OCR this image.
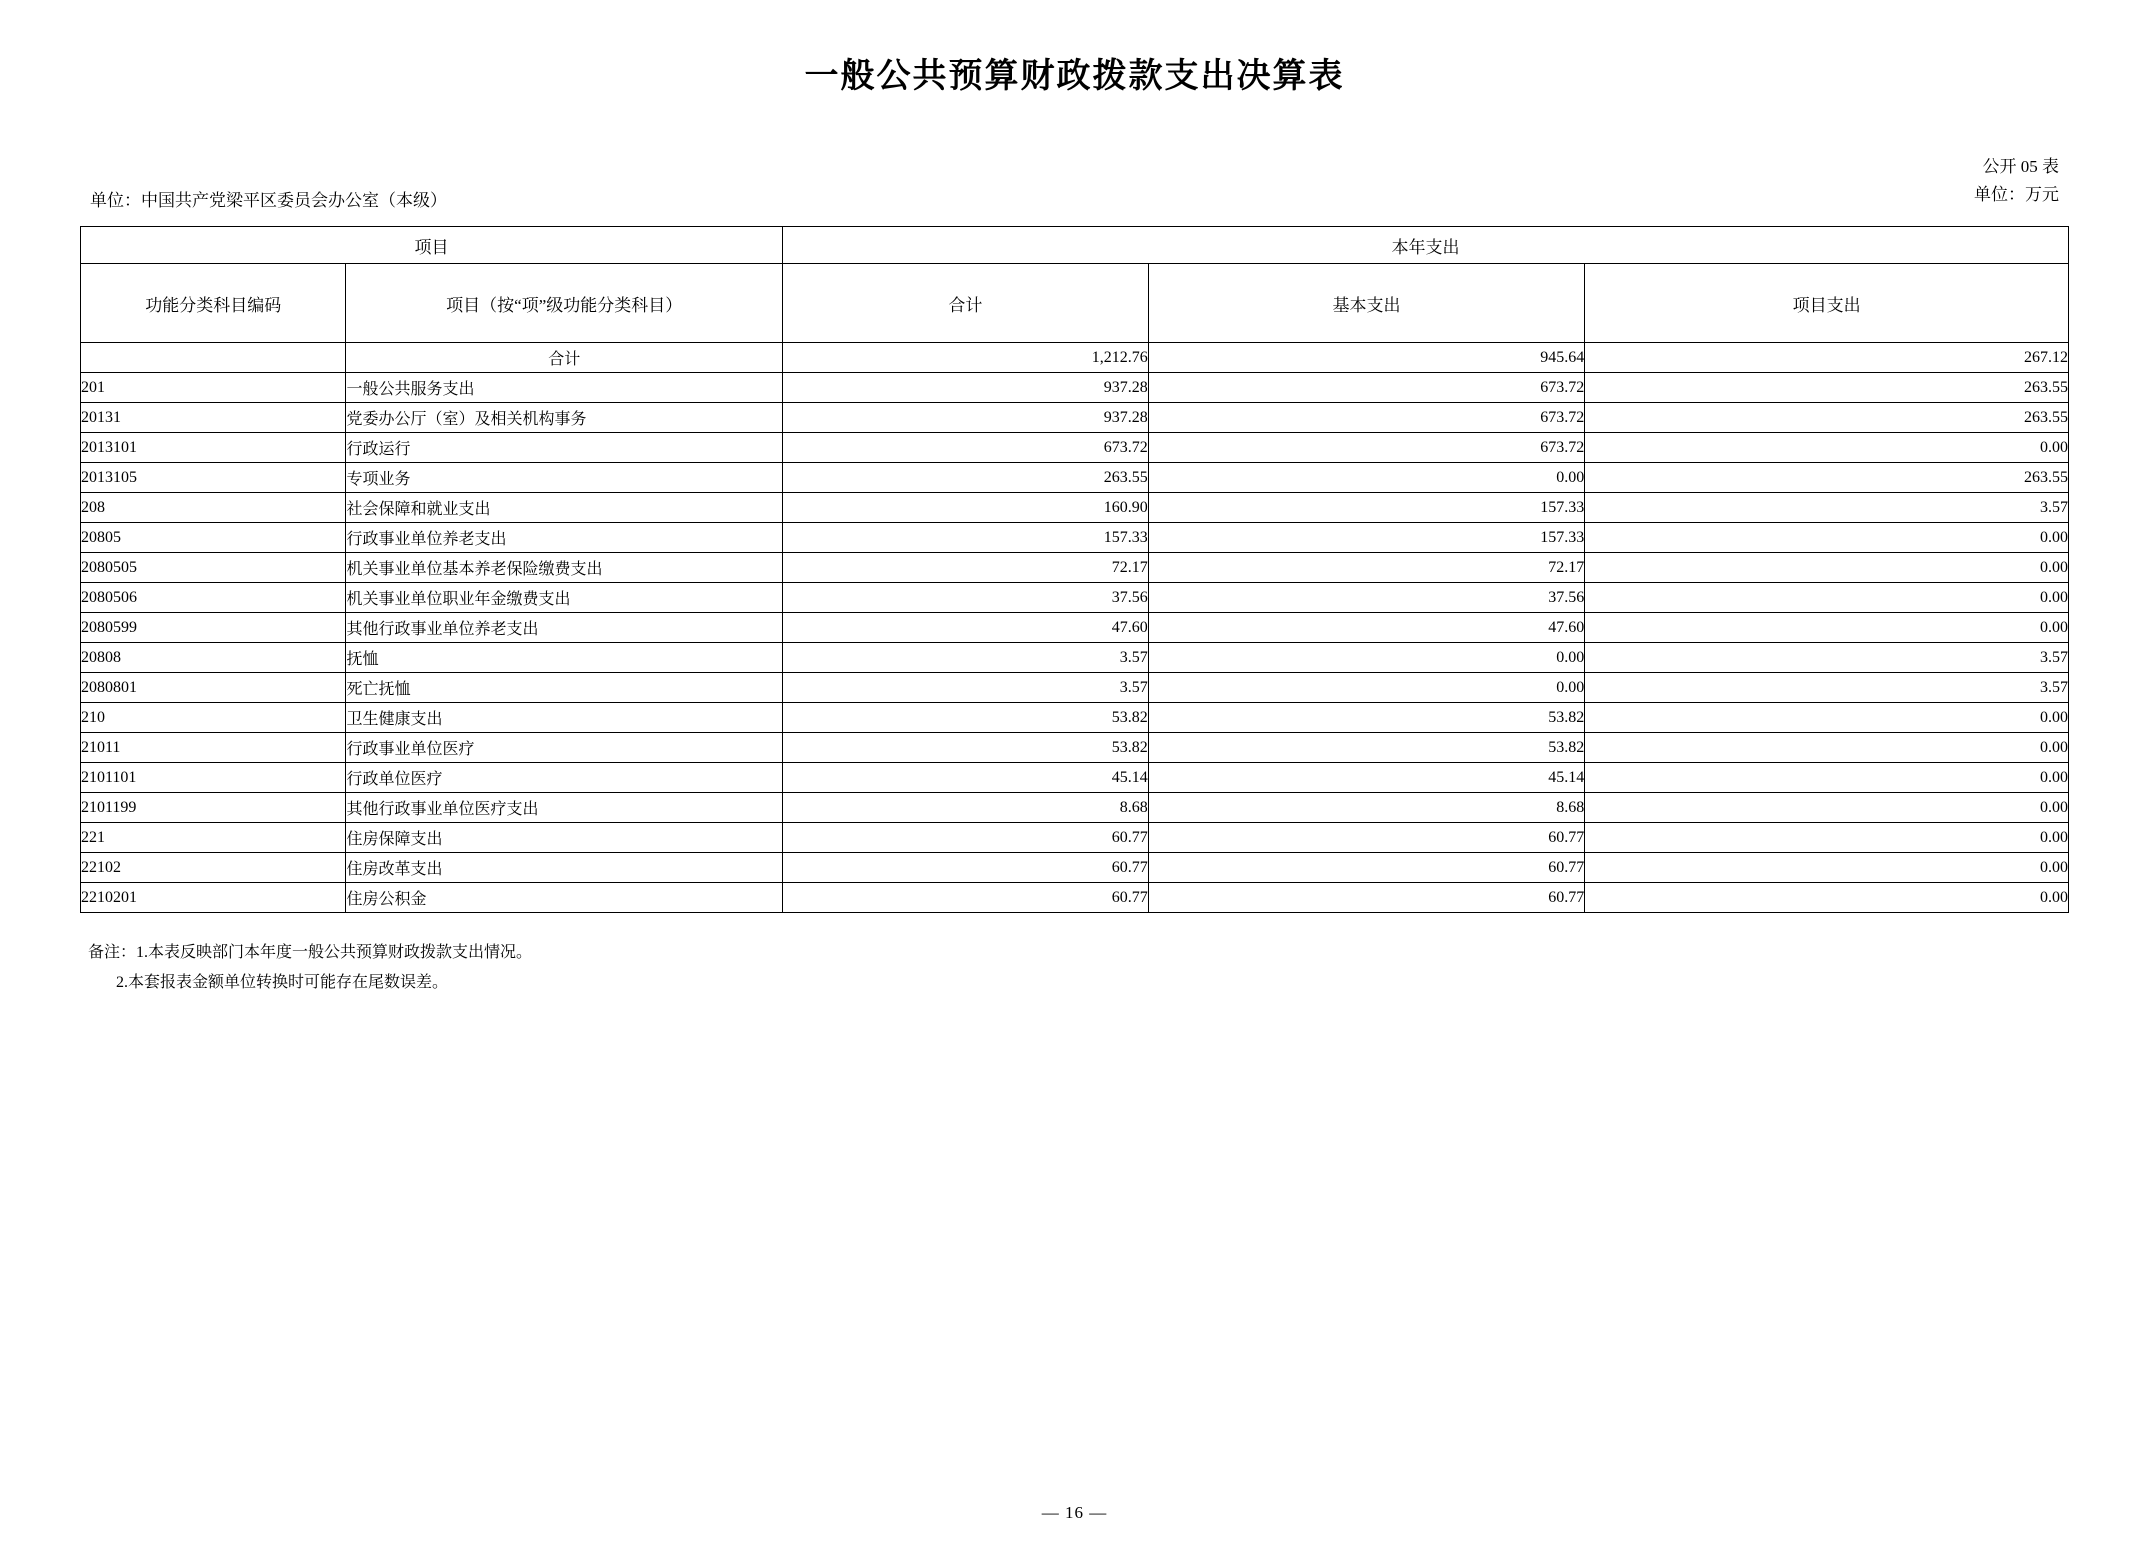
一般公共预算财政拨款支出决算表
公开 05 表
单位：万元
单位：中国共产党梁平区委员会办公室（本级）
项目		本年支出		
功能分类科目编码	项目（按“项”级功能分类科目）	合计	基本支出	项目支出
	合计	1,212.76	945.64	267.12
201	一般公共服务支出	937.28	673.72	263.55
20131	党委办公厅（室）及相关机构事务	937.28	673.72	263.55
2013101	行政运行	673.72	673.72	0.00
2013105	专项业务	263.55	0.00	263.55
208	社会保障和就业支出	160.90	157.33	3.57
20805	行政事业单位养老支出	157.33	157.33	0.00
2080505	机关事业单位基本养老保险缴费支出	72.17	72.17	0.00
2080506	机关事业单位职业年金缴费支出	37.56	37.56	0.00
2080599	其他行政事业单位养老支出	47.60	47.60	0.00
20808	抚恤	3.57	0.00	3.57
2080801	死亡抚恤	3.57	0.00	3.57
210	卫生健康支出	53.82	53.82	0.00
21011	行政事业单位医疗	53.82	53.82	0.00
2101101	行政单位医疗	45.14	45.14	0.00
2101199	其他行政事业单位医疗支出	8.68	8.68	0.00
221	住房保障支出	60.77	60.77	0.00
22102	住房改革支出	60.77	60.77	0.00
2210201	住房公积金	60.77	60.77	0.00
备注：1.本表反映部门本年度一般公共预算财政拨款支出情况。
2.本套报表金额单位转换时可能存在尾数误差。
— 16 —
